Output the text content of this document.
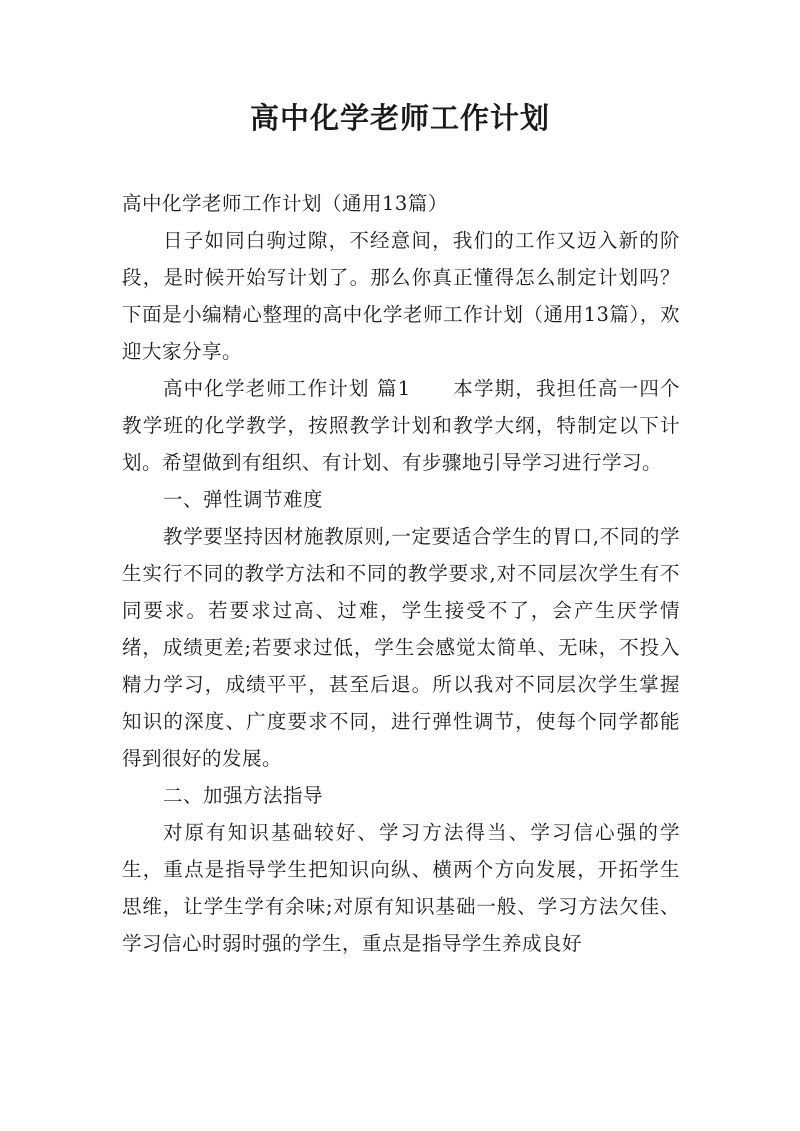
高中化学老师工作计划

高中化学老师工作计划（通用13篇）

日子如同白驹过隙，不经意间，我们的工作又迈入新的阶段，是时候开始写计划了。那么你真正懂得怎么制定计划吗？下面是小编精心整理的高中化学老师工作计划（通用13篇），欢迎大家分享。

高中化学老师工作计划 篇1 本学期，我担任高一四个教学班的化学教学，按照教学计划和教学大纲，特制定以下计划。希望做到有组织、有计划、有步骤地引导学习进行学习。

一、弹性调节难度

教学要坚持因材施教原则,一定要适合学生的胃口,不同的学生实行不同的教学方法和不同的教学要求,对不同层次学生有不同要求。若要求过高、过难，学生接受不了，会产生厌学情绪，成绩更差;若要求过低，学生会感觉太简单、无味，不投入精力学习，成绩平平，甚至后退。所以我对不同层次学生掌握知识的深度、广度要求不同，进行弹性调节，使每个同学都能得到很好的发展。

二、加强方法指导

对原有知识基础较好、学习方法得当、学习信心强的学生，重点是指导学生把知识向纵、横两个方向发展，开拓学生思维，让学生学有余味;对原有知识基础一般、学习方法欠佳、学习信心时弱时强的学生，重点是指导学生养成良好
